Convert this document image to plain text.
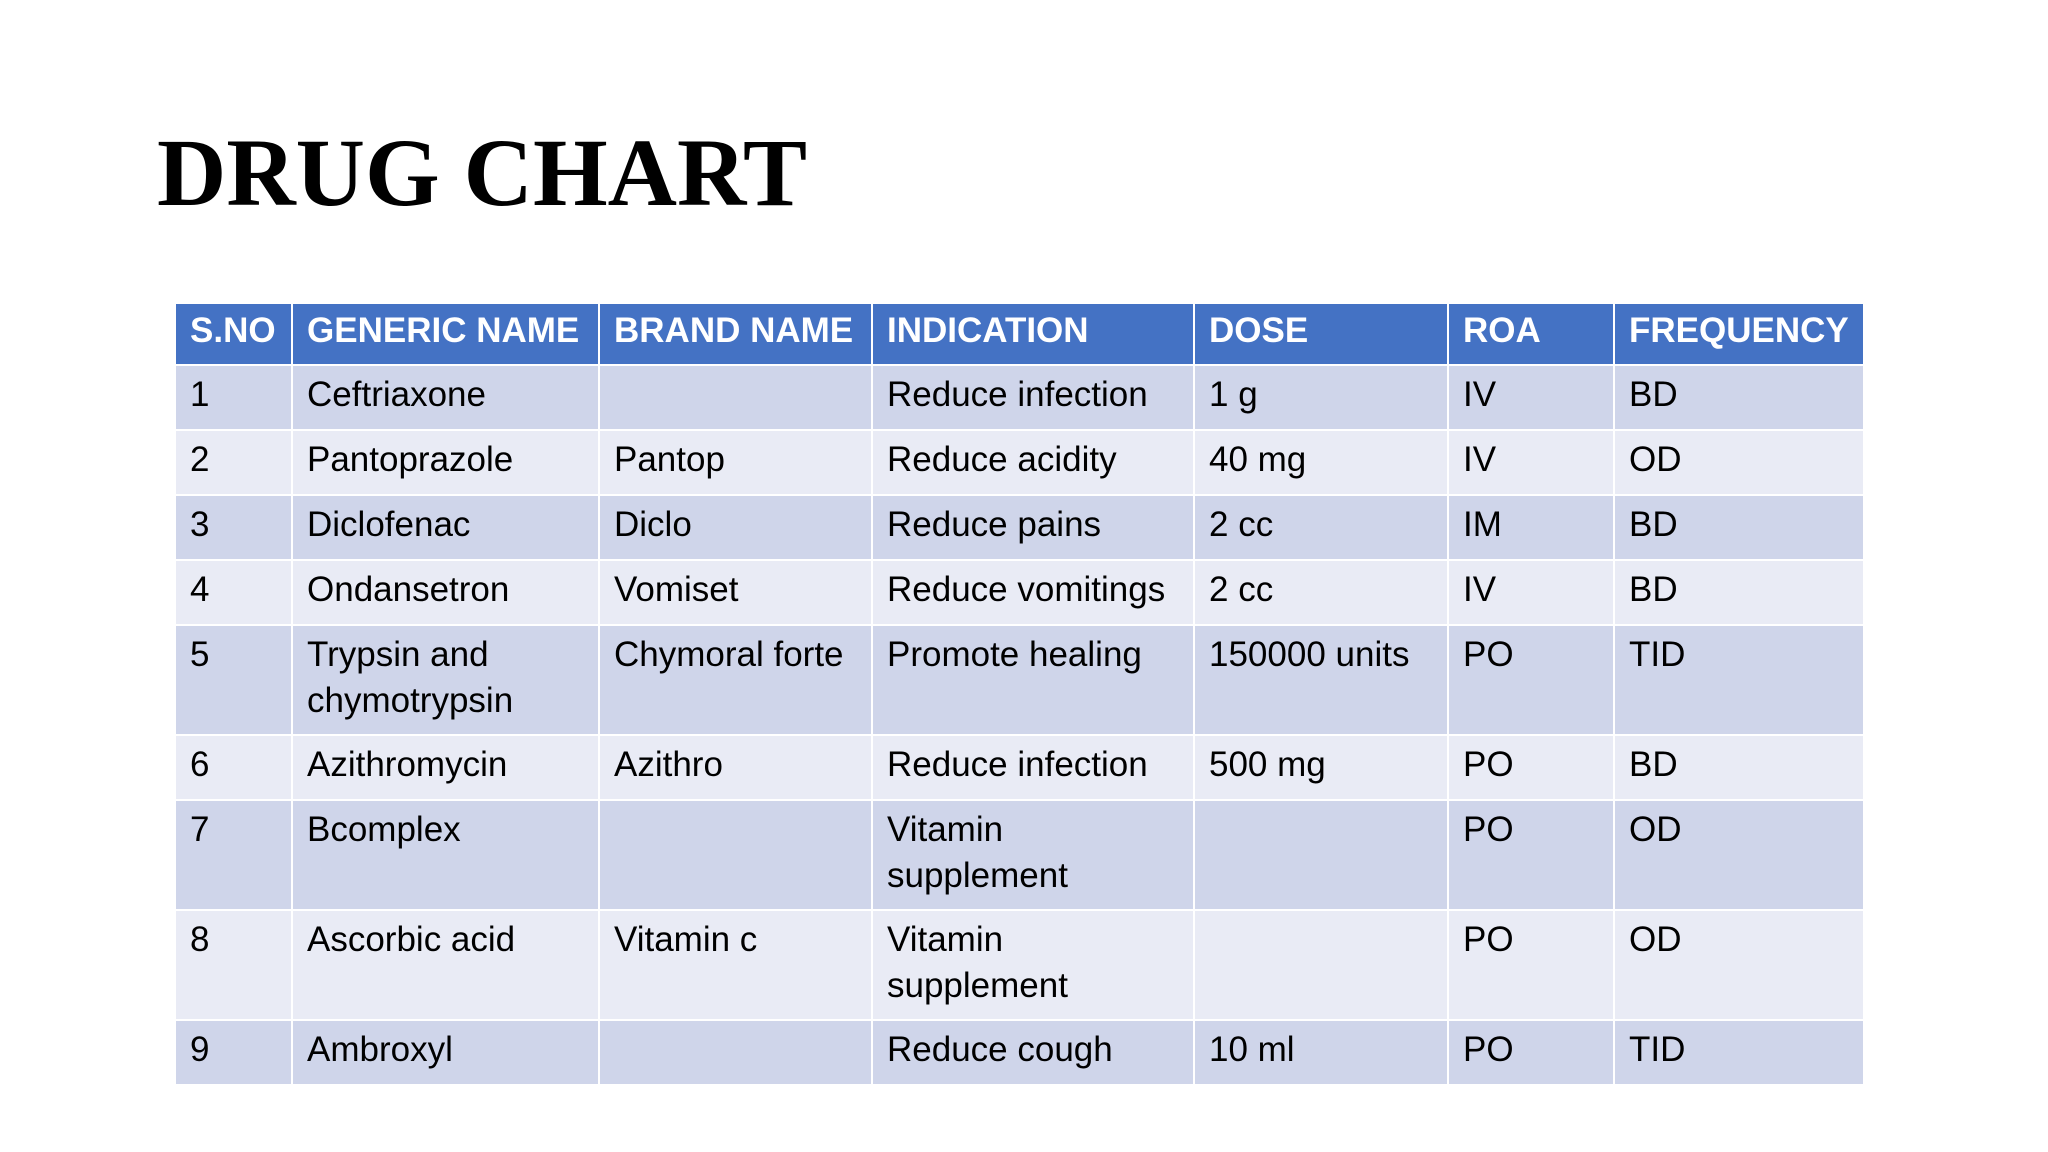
DRUG CHART
S.NO	GENERIC NAME	BRAND NAME	INDICATION	DOSE	ROA	FREQUENCY
1	Ceftriaxone		Reduce infection	1 g	IV	BD
2	Pantoprazole	Pantop	Reduce acidity	40 mg	IV	OD
3	Diclofenac	Diclo	Reduce pains	2 cc	IM	BD
4	Ondansetron	Vomiset	Reduce vomitings	2 cc	IV	BD
5	Trypsin and chymotrypsin	Chymoral forte	Promote healing	150000 units	PO	TID
6	Azithromycin	Azithro	Reduce infection	500 mg	PO	BD
7	Bcomplex		Vitamin supplement		PO	OD
8	Ascorbic acid	Vitamin c	Vitamin supplement		PO	OD
9	Ambroxyl		Reduce cough	10 ml	PO	TID
